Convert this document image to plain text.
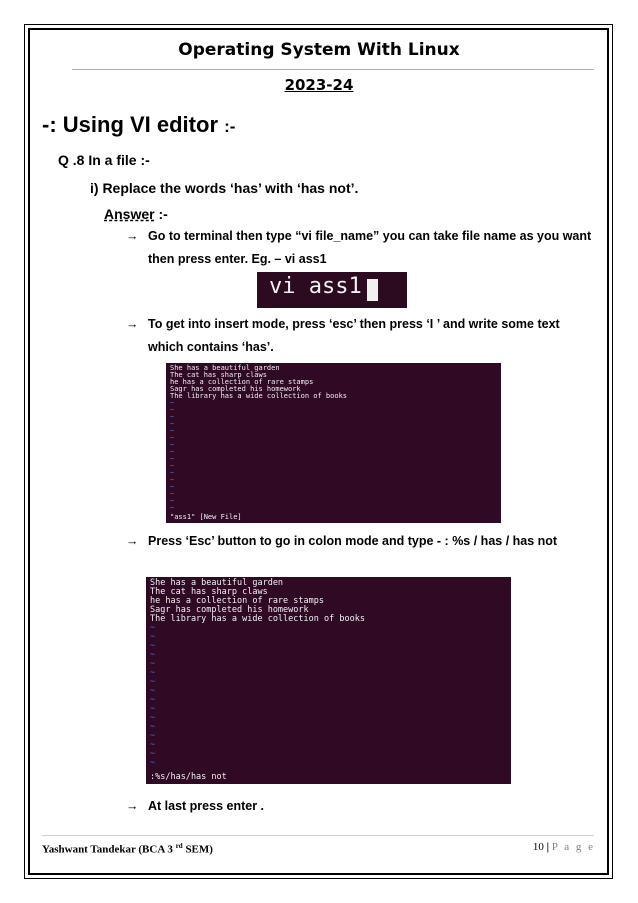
Operating System With Linux
2023-24
-: Using VI editor :-
Q .8 In a file :-
i) Replace the words ‘has’ with ‘has not’.
Answer :-
→ Go to terminal then type “vi file_name” you can take file name as you want then press enter. Eg. – vi ass1
vi ass1
→ To get into insert mode, press ‘esc’ then press ‘I ’ and write some text which contains ‘has’.
She has a beautiful garden
The cat has sharp claws
he has a collection of rare stamps
Sagr has completed his homework
The library has a wide collection of books
~
~
~
~
~
~
~
~
~
~
~
~
~
~
~
~
"ass1" [New File]
→ Press ‘Esc’ button to go in colon mode and type - : %s / has / has not
She has a beautiful garden
The cat has sharp claws
he has a collection of rare stamps
Sagr has completed his homework
The library has a wide collection of books
~
~
~
~
~
~
~
~
~
~
~
~
~
~
~
~
:%s/has/has not
→ At last press enter .
Yashwant Tandekar (BCA 3 $^{rd}$ SEM)	10 | P a g e
